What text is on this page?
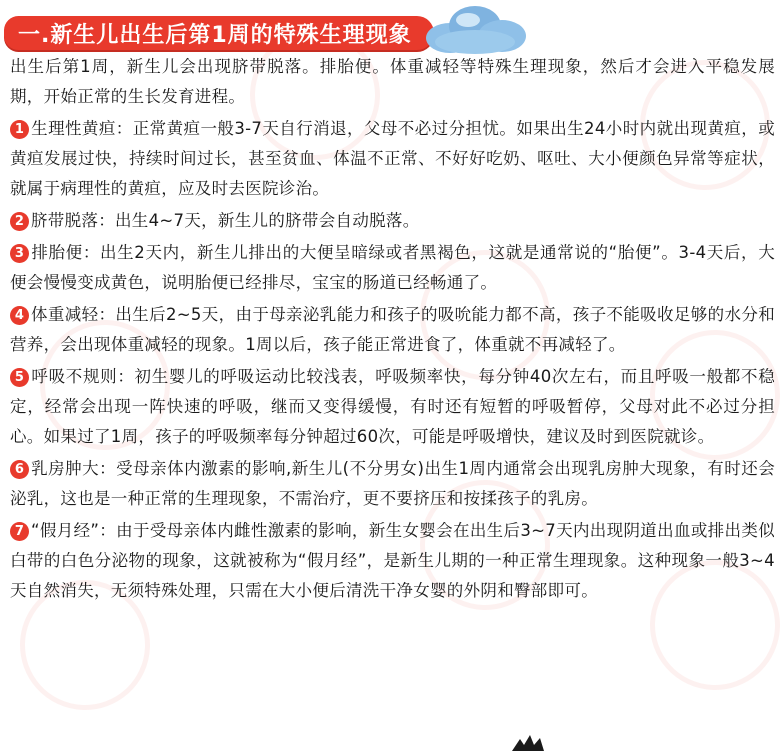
一.新生儿出生后第1周的特殊生理现象

出生后第1周，新生儿会出现脐带脱落。排胎便。体重减轻等特殊生理现象，然后才会进入平稳发展期，开始正常的生长发育进程。

1 生理性黄疸：正常黄疸一般3-7天自行消退，父母不必过分担忧。如果出生24小时内就出现黄疸，或黄疸发展过快，持续时间过长，甚至贫血、体温不正常、不好好吃奶、呕吐、大小便颜色异常等症状，就属于病理性的黄疸，应及时去医院诊治。

2 脐带脱落：出生4~7天，新生儿的脐带会自动脱落。

3 排胎便：出生2天内，新生儿排出的大便呈暗绿或者黑褐色，这就是通常说的“胎便”。3-4天后，大便会慢慢变成黄色，说明胎便已经排尽，宝宝的肠道已经畅通了。

4 体重减轻：出生后2~5天，由于母亲泌乳能力和孩子的吸吮能力都不高，孩子不能吸收足够的水分和营养，会出现体重减轻的现象。1周以后，孩子能正常进食了，体重就不再减轻了。

5 呼吸不规则：初生婴儿的呼吸运动比较浅表，呼吸频率快，每分钟40次左右，而且呼吸一般都不稳定，经常会出现一阵快速的呼吸，继而又变得缓慢，有时还有短暂的呼吸暂停，父母对此不必过分担心。如果过了1周，孩子的呼吸频率每分钟超过60次，可能是呼吸增快，建议及时到医院就诊。

6 乳房肿大：受母亲体内激素的影响,新生儿(不分男女)出生1周内通常会出现乳房肿大现象，有时还会泌乳，这也是一种正常的生理现象，不需治疗，更不要挤压和按揉孩子的乳房。

7 “假月经”：由于受母亲体内雌性激素的影响，新生女婴会在出生后3~7天内出现阴道出血或排出类似白带的白色分泌物的现象，这就被称为“假月经”，是新生儿期的一种正常生理现象。这种现象一般3~4天自然消失，无须特殊处理，只需在大小便后清洗干净女婴的外阴和臀部即可。
